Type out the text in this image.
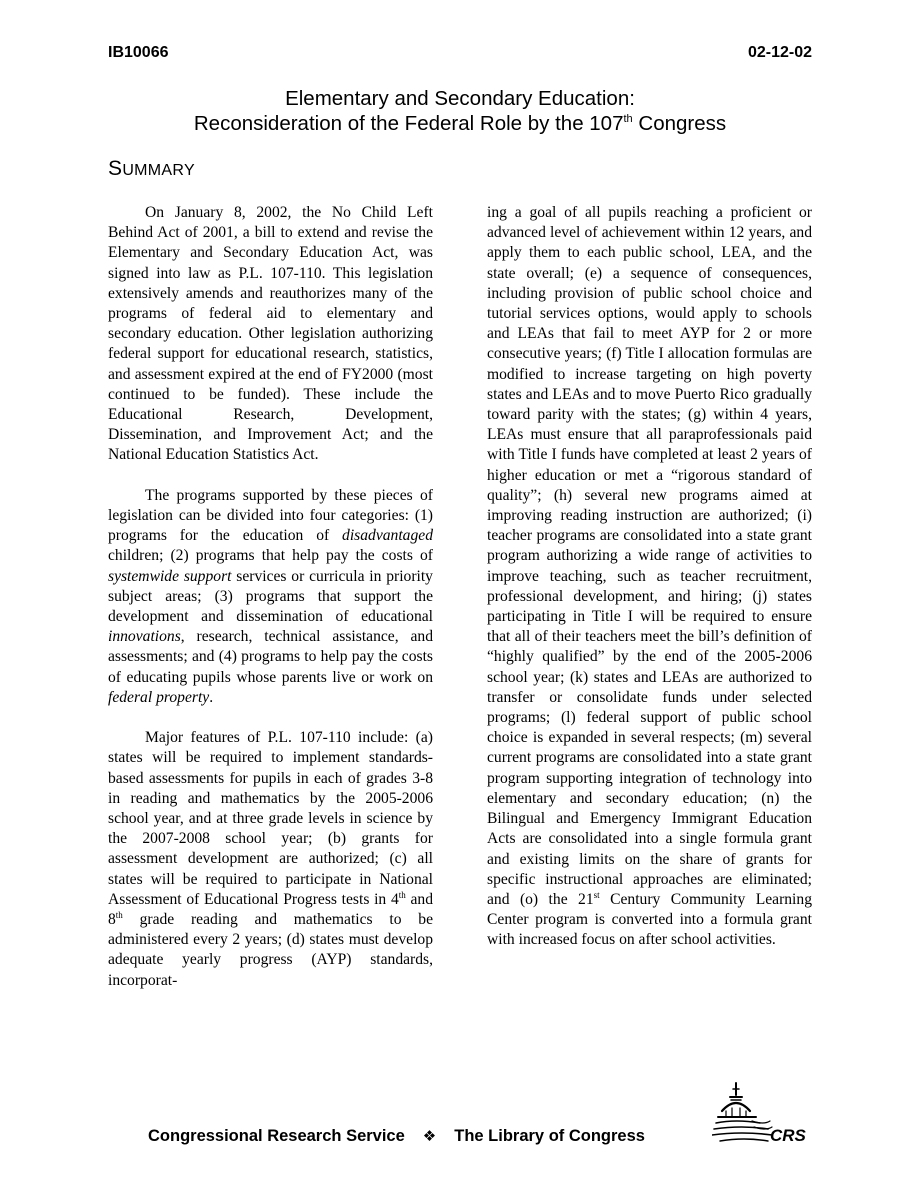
IB10066	02-12-02
Elementary and Secondary Education:
Reconsideration of the Federal Role by the 107th Congress
SUMMARY

On January 8, 2002, the No Child Left Behind Act of 2001, a bill to extend and revise the Elementary and Secondary Education Act, was signed into law as P.L. 107-110. This legislation extensively amends and reauthorizes many of the programs of federal aid to elementary and secondary education. Other legislation authorizing federal support for educational research, statistics, and assessment expired at the end of FY2000 (most continued to be funded). These include the Educational Research, Development, Dissemination, and Improvement Act; and the National Education Statistics Act.

The programs supported by these pieces of legislation can be divided into four categories: (1) programs for the education of disadvantaged children; (2) programs that help pay the costs of systemwide support services or curricula in priority subject areas; (3) programs that support the development and dissemination of educational innovations, research, technical assistance, and assessments; and (4) programs to help pay the costs of educating pupils whose parents live or work on federal property.

Major features of P.L. 107-110 include: (a) states will be required to implement standards-based assessments for pupils in each of grades 3-8 in reading and mathematics by the 2005-2006 school year, and at three grade levels in science by the 2007-2008 school year; (b) grants for assessment development are authorized; (c) all states will be required to participate in National Assessment of Educational Progress tests in 4th and 8th grade reading and mathematics to be administered every 2 years; (d) states must develop adequate yearly progress (AYP) standards, incorporat-

ing a goal of all pupils reaching a proficient or advanced level of achievement within 12 years, and apply them to each public school, LEA, and the state overall; (e) a sequence of consequences, including provision of public school choice and tutorial services options, would apply to schools and LEAs that fail to meet AYP for 2 or more consecutive years; (f) Title I allocation formulas are modified to increase targeting on high poverty states and LEAs and to move Puerto Rico gradually toward parity with the states; (g) within 4 years, LEAs must ensure that all paraprofessionals paid with Title I funds have completed at least 2 years of higher education or met a “rigorous standard of quality”; (h) several new programs aimed at improving reading instruction are authorized; (i) teacher programs are consolidated into a state grant program authorizing a wide range of activities to improve teaching, such as teacher recruitment, professional development, and hiring; (j) states participating in Title I will be required to ensure that all of their teachers meet the bill’s definition of “highly qualified” by the end of the 2005-2006 school year; (k) states and LEAs are authorized to transfer or consolidate funds under selected programs; (l) federal support of public school choice is expanded in several respects; (m) several current programs are consolidated into a state grant program supporting integration of technology into elementary and secondary education; (n) the Bilingual and Emergency Immigrant Education Acts are consolidated into a single formula grant and existing limits on the share of grants for specific instructional approaches are eliminated; and (o) the 21st Century Community Learning Center program is converted into a formula grant with increased focus on after school activities.

Congressional Research Service ❖ The Library of Congress	CRS
